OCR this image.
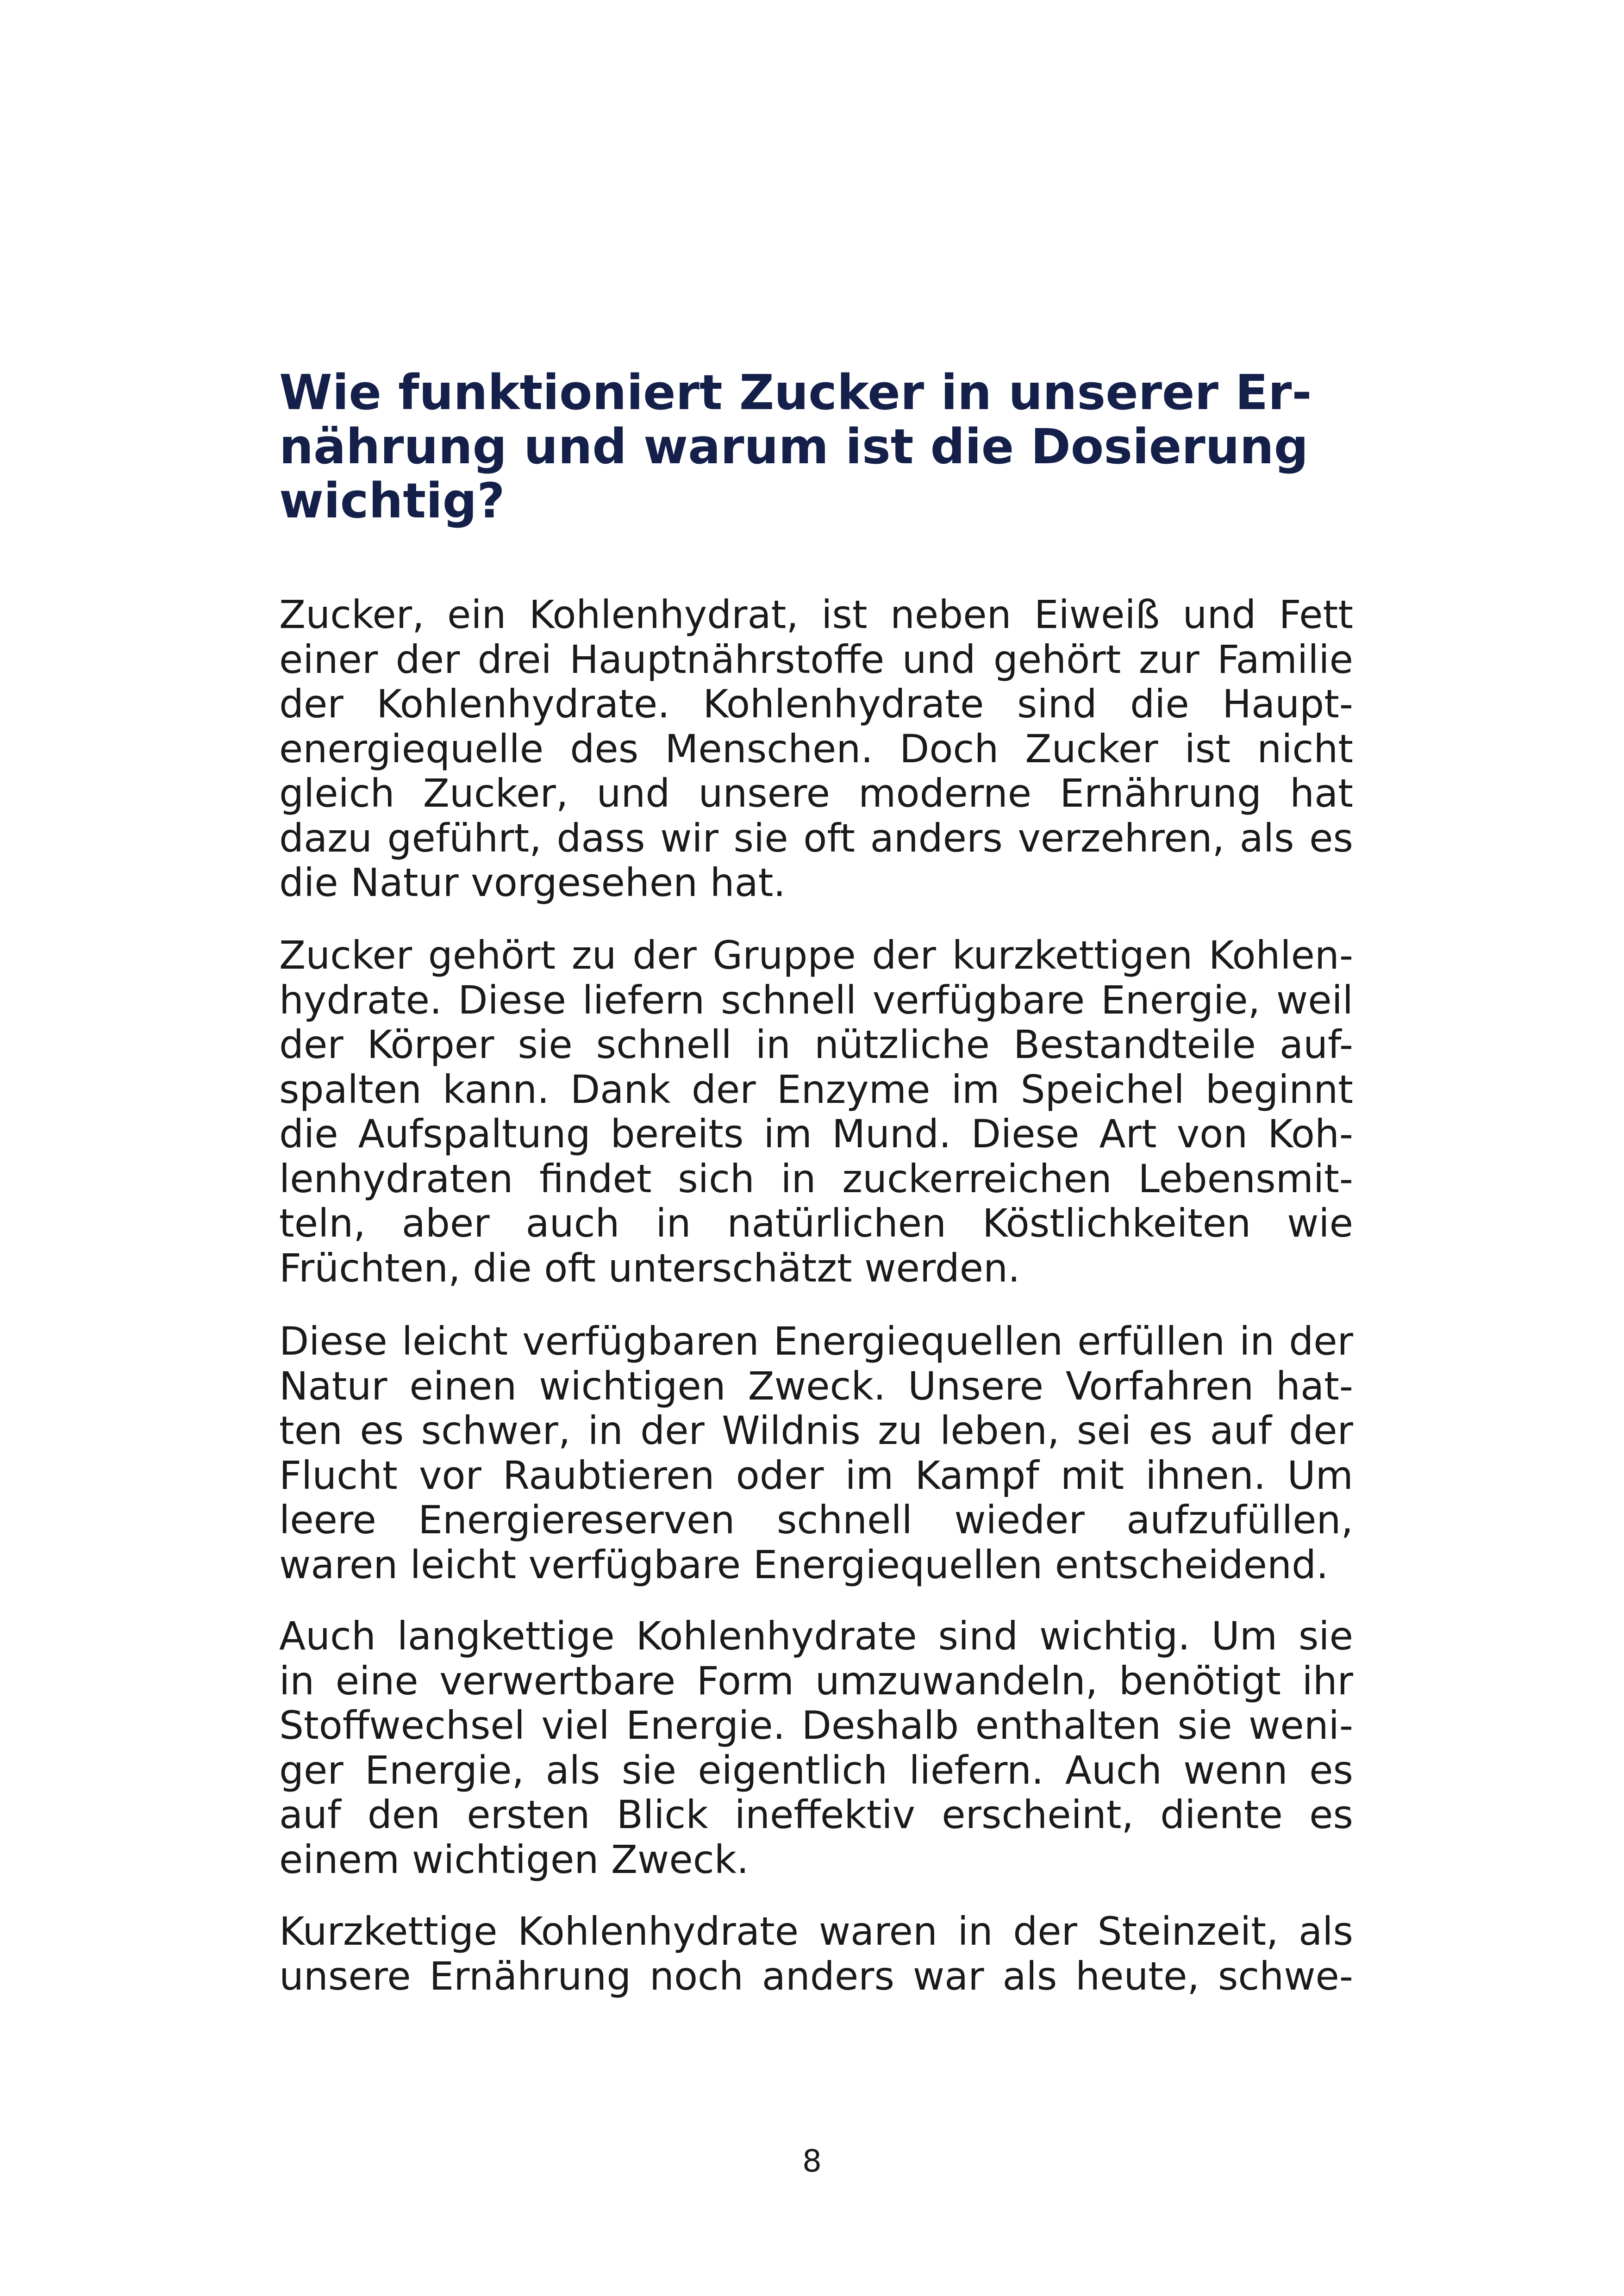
Wie funktioniert Zucker in unserer Er-
nährung und warum ist die Dosierung
wichtig?
Zucker, ein Kohlenhydrat, ist neben Eiweiß und Fett
einer der drei Hauptnährstoffe und gehört zur Familie
der Kohlenhydrate. Kohlenhydrate sind die Haupt-
energiequelle des Menschen. Doch Zucker ist nicht
gleich Zucker, und unsere moderne Ernährung hat
dazu geführt, dass wir sie oft anders verzehren, als es
die Natur vorgesehen hat.
Zucker gehört zu der Gruppe der kurzkettigen Kohlen-
hydrate. Diese liefern schnell verfügbare Energie, weil
der Körper sie schnell in nützliche Bestandteile auf-
spalten kann. Dank der Enzyme im Speichel beginnt
die Aufspaltung bereits im Mund. Diese Art von Koh-
lenhydraten findet sich in zuckerreichen Lebensmit-
teln, aber auch in natürlichen Köstlichkeiten wie
Früchten, die oft unterschätzt werden.
Diese leicht verfügbaren Energiequellen erfüllen in der
Natur einen wichtigen Zweck. Unsere Vorfahren hat-
ten es schwer, in der Wildnis zu leben, sei es auf der
Flucht vor Raubtieren oder im Kampf mit ihnen. Um
leere Energiereserven schnell wieder aufzufüllen,
waren leicht verfügbare Energiequellen entscheidend.
Auch langkettige Kohlenhydrate sind wichtig. Um sie
in eine verwertbare Form umzuwandeln, benötigt ihr
Stoffwechsel viel Energie. Deshalb enthalten sie weni-
ger Energie, als sie eigentlich liefern. Auch wenn es
auf den ersten Blick ineffektiv erscheint, diente es
einem wichtigen Zweck.
Kurzkettige Kohlenhydrate waren in der Steinzeit, als
unsere Ernährung noch anders war als heute, schwe-
8
